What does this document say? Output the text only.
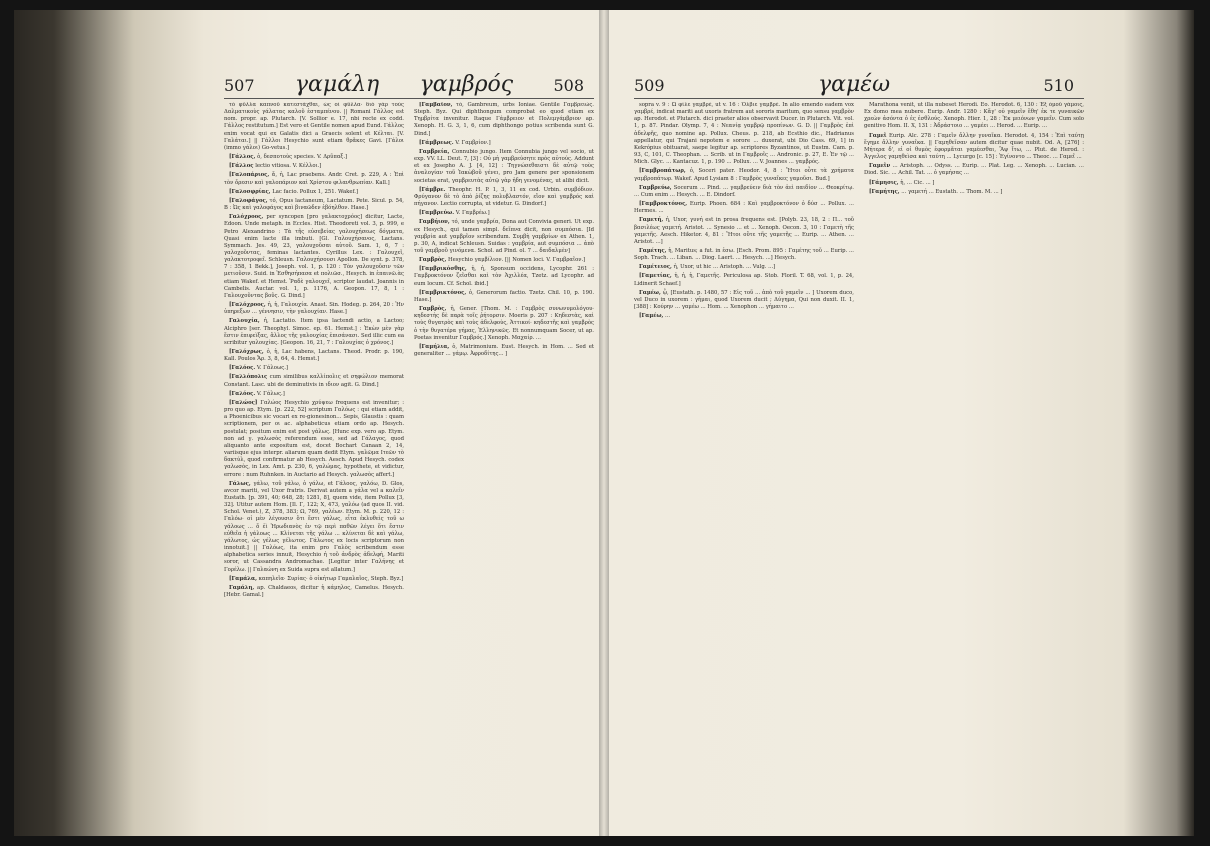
507 γαμάλη γαμβρός	508

τὸ φῦλλα καπνοῦ κατεστάχθαι, ὡς οἱ φῦλλα· διὸ γάρ τοὺς Δαλματικοὺς γάλατας καλοῦ ἐσταμπένου. || Romani Γάλλος est nom. propr. ap. Plutarch. [V. Sollior e. 17, nbi recte ex codd. Γάλλος restitutum.] Est vero et Gentile nomen apud Eund. Γάλλος enim vocat qui ex Galatis dici a Graecis solent et Κέλται. [V. Γαλάται.] || Γάλλοι Hesychio sunt etiam θρᾶκες Gavi. [Γάλοι (immo γάλοι) Go-vetus.]

[Γάλλος, ὁ, δεσποτοὺς species. V. Δρῦπαξ.]

[Γάλλος lectio vitiosa. V. Κέλλοι.]

[Γαλοπάριος, ἄ, ἡ, Lac praebens. Andr. Cret. p. 229, A : Ἐπὶ τὸν ὄρεσιν καὶ γαλοπάριον καὶ Χρίστου φιλανθρωπίαν. Kall.]

[Γαλοσφρίας, Lac facio. Pollux 1, 251. Wakef.]

[Γαλοφάγος, τό, Opus lactaneum, Lactatum. Pete. Sicul. p. 54, B : Ὡς καὶ γαλοφάγος καὶ βιναῶδεν ἐβόηλθον. Hase.]

Γαλόχροος, per syncopen [pro γαλακτοχρόος] dicitur, Lacte, Edoon. Unde metaph. in Eccles. Hist. Theodoreti vol. 3, p. 999, e Petro Alexandrino : Τὰ τῆς εὐσεβείας γαλουχήσεως δόγματα, Quasi enim lacte illa imbuti. [Gl. Γαλουχήσανος, Lactans. Symmach. Jes. 49, 23, γαλουχοῦσαι αὐτοῦ. Sam. 1, 6, 7 : γαλοχοῦντας, feminas lactantes. Cyrillus Lex. : Γαλουχεῖ, γαλακτοτροφεῖ. Schleusn. Γαλουχήσουσι Apollon. De synt. p. 378, 7 : 358, 1 Bekk.], Joseph. vol. 1, p. 120 : Τὸν γαλουχοῦσιν τῶν μετιοῦσιν. Suid. in Ἐσθησήπασα et πολιῶσ., Hesych. in ἐπαινῶ.ὰς etiam Wakef. et Hemst. Ῥαδὲ γαλουχεῖ, scriptor laudat. Joannis in Cambelis. Auctar. vol. 1, p. 1176, A. Geopon. 17, 8, 1 : Γαλουχοῦντας βοῦς. G. Dind.]

[Γαλόχροος, ἡ, ἡ, Γαλουχία. Anast. Sin. Hodeg. p. 264, 20 : Ἡν ὑπηρεξων ... γέννησιν, τὴν γαλουχίαν. Hase.]

Γαλουχία, ἡ, Lactatio. Item ipsa lactendi actio, a Lactoo; Alciphro [ser. Theophyl. Simoc. ep. 61. Hemst.] : Ἐκὼν μὲν γὰρ ἔστιν ἐπιφεὶξας, ἄλλος τῆς γαλουχίας ἐπισάνασι. Sed illic cum ea scribitur γαλουχίας. [Geopon. 16, 21, 7 : Γαλουχίας ὁ χρόνος.]

[Γαλόχρως, ὁ, ἡ, Lac habens, Lactans. Theod. Prodr. p. 190, Kall. Poulos Ἄρ. 3, 8, 64, 4. Hemst.]

[Γαλόος. V. Γάλοως.]

[Γαλλόπολις cum similibus καλλίπολις et σηφώλιον memorat Constant. Lasc. ubi de deminutivis in ιδιον agit. G. Dind.]

[Γαλόος. V. Γάλως.]

[Γαλώος] Γαλώος Hesychio χρύψεω frequens est invenitur; : pro quo ap. Etym. [p. 222, 52] scriptum Γαλόως : qui etiam addit, a Phoenicibus sic vocari ex re-gionesinon... Sepis, Glaustis : quam scriptionem, per οι ac. alphabeticus etiam ordo ap. Hesych. postulat; positum enim est post γάλως. [Hunc exp. vero ap. Etym. non ad γ. γαλωσὸς referendum esse, sed ad Γάλαγος, quod aliquanto ante expositum est, docet Bochart Canaan 2, 14, variisque ejus interpr. aliarum quam dedit Etym. γαλῶμα Ιτεῶν τὸ δακτύλ, quod confirmatur ab Hesych. Aesch. Apud Hesych. codex γαλωσὸς, in Lex. Amt. p. 230, 6, γαλώμας, hypothete, et vidictur, errore : num Ruhnken. in Auctario ad Hesych. γαλωσὸς affert.]

Γάλως, γάλω, τοῦ γάλω, ὁ γάλω, et Γάλοος, γαλόω, D. Glos, avcor mariti, vel Uxor fratris. Derivat autem a γάλα vel a καλεῖν Eustath. [p. 391, 40; 648, 28; 1281, 8], quem vide, item Pollux [3, 32]. Utitur autem Hom. [Il. Γ, 122; X, 473, γαλόω (ad quos II. vid. Schol. Venet.), Ζ, 378, 383; Ω, 769, γαλέων. Etym. M. p. 220, 12 : Γαλόω· οἱ μὲν λέγουσιν ὅτι ἔστι γάλως, εἶτα ἐκλυθεὶς τοῦ ω γάλοως ... ὅ ἐὶ Ἡρωδιανὸς ἐν τῷ περὶ παθῶν λέγει ὅτι ἔστιν εὐθεῖα ἡ γάλοως ... Κλίνεται τῆς γάλω ... κλίνεται δὲ καὶ γάλω, γάλωτος, ὡς γέλως γέλωτος. Γάλωτος ex locis scriptorum non innotuit.] || Γαλόως, ita enim pro Γαλὸς scribendum esse alphabetica series innuit, Hesychio ἡ τοῦ ἀνδρὸς ἀδελφή, Mariti soror, ut Cassandra Andromachae. [Legitur inter Γαλήνης et Γορέλω. || Γαλαώνη ex Suida supra est allatum.]

[Γαμάλα, καπηλεῖα· Συρίας· ὁ οἰκήτωρ Γαμαλαῖος, Steph. Byz.]

Γαμάλη, ap. Chaldaeos, dicitur ἡ κάμηλος, Camelus. Hesych. [Hebr. Gamal.]

[Γαμβαῖον, τό, Gambreum, urbs Ioniae. Gentile Γαμβρειώς. Steph. Byz. Qui diphthongum comprobat eo quod etiam ex Τημβρίτα invenitur. Itaque Γάμβρειον et Πολεμγάμβριον ap. Xenoph. H. G. 3, 1, 6, cum diphthongo potius scribenda sunt G. Dind.]

[Γάμβρεως. V. Γαμβρίον.]

Γαμβρεία, Connubio jungo. Item Connubia jungo vel socio, ut exp. VV. LL. Deut. 7, [3] : Οὐ μὴ γαμβρεύσητε πρὸς αὐτούς. Addunt et ex Josepho A. J. [4, 12] : Τηγνώσεθαιστι δὲ αὐτῷ τοὺς ἀναλογίαν τοῦ Ἰακὼβοῦ γένει, pro Jam genere per sponsionem societas erat, γαμβρευτὰς αὐτῷ γὰρ ἠδη γενομένας, ut alibi dicit.

[Γάμβρε. Theophr. H. P. 1, 3, 11 ex cod. Urbin. συμβόδιον. Φρύγανον δὲ τὸ ἀπὸ ῥίζης πολυβλαστόν, εἴον καὶ γαμβρός καὶ πήγανον. Lectio corrupta, ut videtur. G. Dindorf.]

[Γαμβρεύω. V. Γαμβρέω.]

Γαμβήιον, τό, unde γαμβρία, Dona aut Convivia generi. Ut exp. ex Hesych., qui tamen simpl. δεῖπνα dicit, non συμπόσια. [Id γαμβρία aut γαμβρῖον scribendum. Συμβὴ γαμβρίων ex Athen. 1, p. 30, A, indicat Schleusn. Suidas : γαμβρία, aut συμπόσια ... ἀπὸ τοῦ γαμβροῦ γινόμενα. Schol. ad Pind. ol. 7 ... δαιδαλμὲν]

Γαμβρὸς, Hesychio γαμβίλιον. [|| Nomen loci. V. Γαμβραῖον.]

[Γαμβρικόσθης, ἡ, ἡ, Sponsum occidens, Lycophr. 261 : Γαμβροκτόνον ζεῖσθαι καὶ τὸν Ἀχιλλέα, Tzetz. ad Lycophr. ad eum locum. Cf. Schol. ibid.]

[Γαμβρικτόνος, ὁ, Generorum factio. Tzetz. Chil. 10, p. 190. Hase.]

Γαμβρὸς, ἡ, Gener. [Thom. M. : Γαμβρὸς συνωνυμολόγου· κηδεστὴς δὲ παρὰ τοῖς ῥήτορσιν. Moeris p. 207 : Κηδεστὰς, καὶ τοὺς θυγατρὸς καὶ τοὺς ἀδελφοὺς, Ἀττικοί· κηδεστῆς καὶ γαμβρὸς ὁ τὴν θυγατέρα γήμας, Ἑλληνικῶς. Et nonnumquam Socer, ut ap. Poetas invenitur Γαμβρός.] Xenoph. Μαχαίρ. ...

[Γαμήλια, ὁ, Matrimonium. Eust. Hesych. in Hom. ... Sed et generaliter ... γάμῳ. Ἀφροδίτης... ]

509	γαμέω	510

sopra v. 9 : Ὦ φίλε γαμβρέ, ut v. 16 : Ὁλβιε γαμβρέ. In alio emendo eadem vox γαμβρέ, indicat mariti aut uxoris fratrem aut sororis maritum, quo sensu γαμβρὸν ap. Herodot. et Plutarch. dici praeter alios observavit Ducer. in Plutarch. Vit. vol. 1, p. 87. Pindar. Olymp. 7, 4 : Νεανίᾳ γαμβρῷ προπίνων. G. D. || Γαμβρὸς ἐπὶ ἀδελφῆς, quo nomine ap. Pollux. Cheus. p. 218, ab Ecsthio dic., Hadrianus appellatur, qui Trajani nepotem e sorore ... duxerat, ubi Dio Cass. 69, 1] in Kekrόpius obituarat, saepe legitur ap. scriptores Byzantinos, ut Eustm. Cam. p. 93, C, 101, C. Theophan. ... Scrib. ut in Γαμβροῖς ... Andronic. p. 27, E. Ἐν τῷ ... Mich. Glyc. ... Kantacuz. 1, p. 190 ... Pollux. ... V. Joannes ... γαμβρός.

[Γαμβροπάτωρ, ὁ, Soceri pater. Heodor. 4, 8 : Ἤτοι οὗτε τὰ χρήματα γαμβροπάτωρ. Wakef. Apud Lysiam 8 : Γαμβρὸς γυναῖκες γαμοῦσι. Bud.]

Γαμβρεύω, Socerum ... Pind. ... γαμβρεύειν διὰ τὸν ἀεὶ παιδίον ... Θεοκρίτῳ. ... Cum enim ... Hesych. ... E. Dindorf.

[Γαμβροκτόνος, Eurip. Phoen. 684 : Καὶ γαμβροκτόνον ὁ δύσ ... Pollux. ... Hermes. ...

Γαμετή, ἡ, Uxor, γυνή est in prosa frequens est. [Polyb. 23, 18, 2 : Π... τοῦ βασιλέως γαμετή. Aristot. ... Synesio ... et ... Xenoph. Oecon. 3, 10 : Γαμετὴ τῆς γαμετῆς. Aesch. Hiketor. 4, 81 : Ἤτοι οὔτε τῆς γαμετῆς ... Eurip. ... Athen. ... Aristot. ...]

Γαμέτης, ἡ, Maritus; a fut. in ἐσω. [Esch. Prom. 895 : Γαμέτης τοῦ ... Eurip. ... Soph. Trach. ... Liban. ... Diog. Laert. ... Hesych. ...] Hesych.

Γαμέτειος, ἡ, Uxor, ut hic ... Aristoph. ... Vulg. ...]

[Γαμετίας, ἡ, ἡ, ἡ, Γαμετῆς. Periculosa ap. Stob. Floril. T. 68, vol. 1, p. 24, Lidinerit Schaef.]

Γαμέω, ᾧ, [Eustath. p. 1480, 57 : Εἰς τοῦ ... ἀπὸ τοῦ γαμεῖν ... ] Uxorem duco, vel Duco in uxorem : γήμαι, quod Uxorem ducit ; Δύγημα, Qui non duxit. II. 1, [388] : Κούρην ... γαμέω ... Hom. ... Xenophon ... γήμαιτο ...

[Γαμέω, ...

Marathona venit, ut illa nubeset Herodi. Eo. Herodot. 6, 130 : Ἐξ ὁμοῦ γάμοις, Ex domo mea nubere. Eurip. Andr. 1280 : Κἄγ' οὐ γαμεῖν ἔθη' ἐκ τε γυναικῶν χρεὼν ἀσόντα ὁ ἐς ἐσθλούς. Xenoph. Hier. 1, 28 : Ἐκ μειόνων γαμεῖν. Cum solo genitivo Hom. II. Χ, 131 : Ἀδράστοιο ... γαμέει ... Herod. ... Eurip. ...

Γαμεῖ Eurip. Alc. 278 : Γαμεῖν ἄλλην γυναῖκα. Herodot. 4, 154 : Ἐπὶ ταύτῃ ἔγημε ἄλλην γυναῖκα. || Γαμηθεῖσαν autem dicitur quae nubit. Od. A, [276] : Μήτερα δ', εἰ οἱ θυμὸς ἐφορμᾶται γαμέεσθαι, Ἂψ ἴτω, ... Plut. de Herod. : Ἀγγελος γαμηθεὶσα καὶ ταύτη ... Lycurgo [c. 15] : Ἐγίνοντο ... Theoc. ... Γαμεῖ ...

Γαμεῖν ... Aristoph. ... Odyss. ... Eurip. ... Plat. Leg. ... Xenoph. ... Lucian. ... Diod. Sic. ... Achil. Tat. ... ὁ γαμήσας ...

[Γάμησις, ἡ, ... Cic. ... ]

[Γαμήτης, ... γαμετή ... Eustath. ... Thom. M. ... ]
